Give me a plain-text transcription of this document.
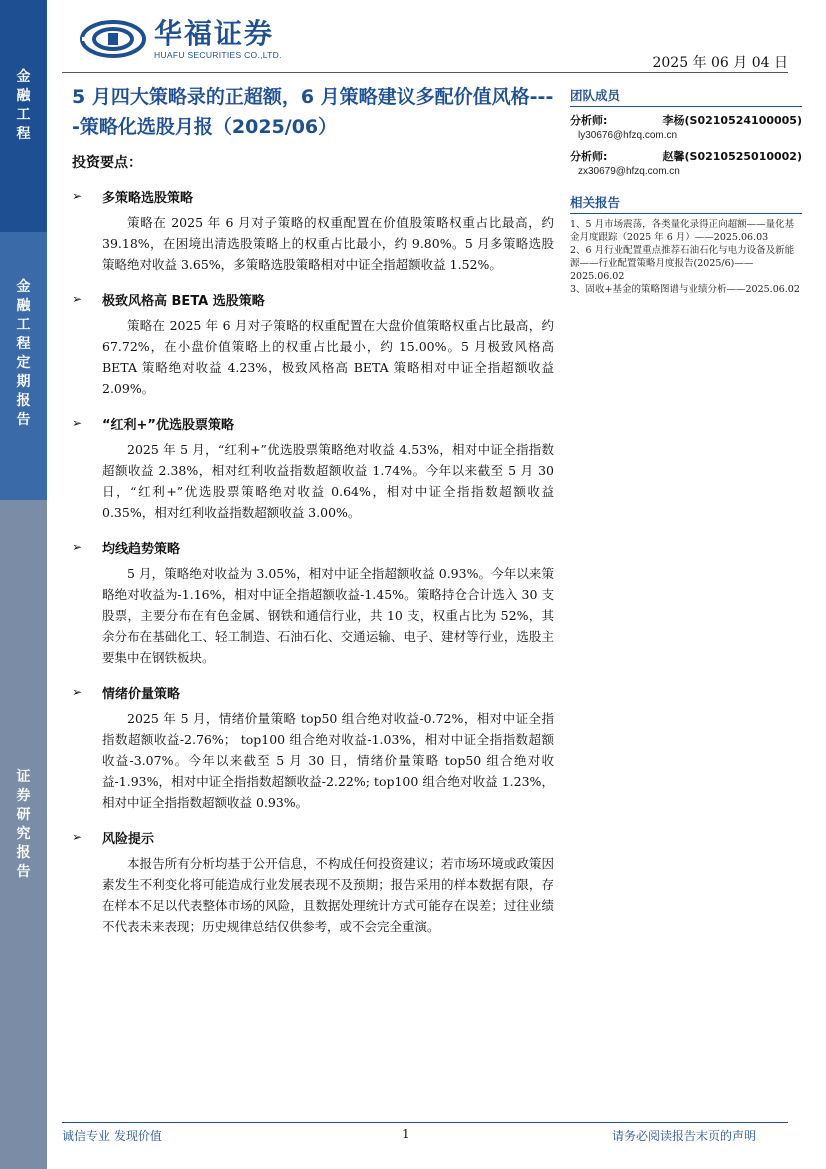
金
融
工
程
金
融
工
程
定
期
报
告
证
券
研
究
报
告
华福证券
HUAFU SECURITIES CO.,LTD.	2025 年 06 月 04 日
5 月四大策略录的正超额，6 月策略建议多配价值风格----策略化选股月报（2025/06）
投资要点：
➢	多策略选股策略
策略在 2025 年 6 月对子策略的权重配置在价值股策略权重占比最高，约 39.18%，在困境出清选股策略上的权重占比最小，约 9.80%。5 月多策略选股策略绝对收益 3.65%，多策略选股策略相对中证全指超额收益 1.52%。
➢	极致风格高 BETA 选股策略
策略在 2025 年 6 月对子策略的权重配置在大盘价值策略权重占比最高，约 67.72%，在小盘价值策略上的权重占比最小，约 15.00%。5 月极致风格高 BETA 策略绝对收益 4.23%，极致风格高 BETA 策略相对中证全指超额收益 2.09%。
➢	“红利+”优选股票策略
2025 年 5 月，“红利+”优选股票策略绝对收益 4.53%，相对中证全指指数超额收益 2.38%，相对红利收益指数超额收益 1.74%。今年以来截至 5 月 30 日，“红利+”优选股票策略绝对收益 0.64%，相对中证全指指数超额收益 0.35%，相对红利收益指数超额收益 3.00%。
➢	均线趋势策略
5 月，策略绝对收益为 3.05%，相对中证全指超额收益 0.93%。今年以来策略绝对收益为-1.16%，相对中证全指超额收益-1.45%。策略持仓合计选入 30 支股票，主要分布在有色金属、钢铁和通信行业，共 10 支，权重占比为 52%，其余分布在基础化工、轻工制造、石油石化、交通运输、电子、建材等行业，选股主要集中在钢铁板块。
➢	情绪价量策略
2025 年 5 月，情绪价量策略 top50 组合绝对收益-0.72%，相对中证全指指数超额收益-2.76%； top100 组合绝对收益-1.03%，相对中证全指指数超额收益-3.07%。今年以来截至 5 月 30 日，情绪价量策略 top50 组合绝对收益-1.93%，相对中证全指指数超额收益-2.22%; top100 组合绝对收益 1.23%，相对中证全指指数超额收益 0.93%。
➢	风险提示
本报告所有分析均基于公开信息，不构成任何投资建议；若市场环境或政策因素发生不利变化将可能造成行业发展表现不及预期；报告采用的样本数据有限，存在样本不足以代表整体市场的风险，且数据处理统计方式可能存在误差；过往业绩不代表未来表现；历史规律总结仅供参考，或不会完全重演。
团队成员
分析师:	李杨(S0210524100005)
ly30676@hfzq.com.cn
分析师:	赵馨(S0210525010002)
zx30679@hfzq.com.cn
相关报告
1、5 月市场震荡，各类量化录得正向超额——量化基金月度跟踪（2025 年 6 月）——2025.06.03
2、6 月行业配置重点推荐石油石化与电力设备及新能源——行业配置策略月度报告(2025/6)——2025.06.02
3、固收+基金的策略图谱与业绩分析——2025.06.02
诚信专业 发现价值	1	请务必阅读报告末页的声明
